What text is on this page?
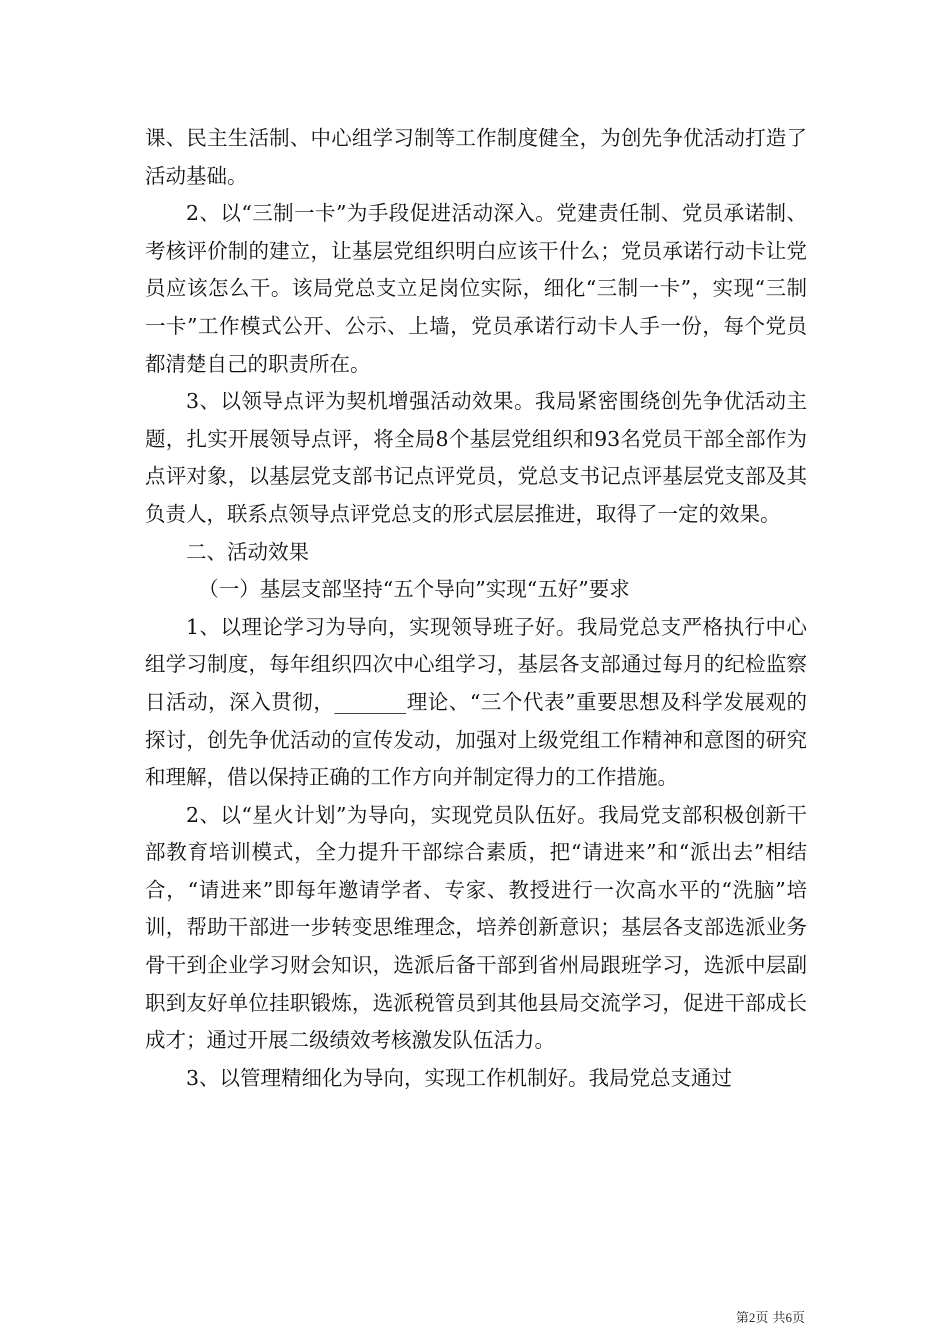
课、民主生活制、中心组学习制等工作制度健全，为创先争优活动打造了活动基础。

2、以“三制一卡”为手段促进活动深入。党建责任制、党员承诺制、考核评价制的建立，让基层党组织明白应该干什么；党员承诺行动卡让党员应该怎么干。该局党总支立足岗位实际，细化“三制一卡”，实现“三制一卡”工作模式公开、公示、上墙，党员承诺行动卡人手一份，每个党员都清楚自己的职责所在。

3、以领导点评为契机增强活动效果。我局紧密围绕创先争优活动主题，扎实开展领导点评，将全局8个基层党组织和93名党员干部全部作为点评对象，以基层党支部书记点评党员，党总支书记点评基层党支部及其负责人，联系点领导点评党总支的形式层层推进，取得了一定的效果。

二、活动效果

（一）基层支部坚持“五个导向”实现“五好”要求

1、以理论学习为导向，实现领导班子好。我局党总支严格执行中心组学习制度，每年组织四次中心组学习，基层各支部通过每月的纪检监察日活动，深入贯彻，_______理论、“三个代表”重要思想及科学发展观的探讨，创先争优活动的宣传发动，加强对上级党组工作精神和意图的研究和理解，借以保持正确的工作方向并制定得力的工作措施。

2、以“星火计划”为导向，实现党员队伍好。我局党支部积极创新干部教育培训模式，全力提升干部综合素质，把“请进来”和“派出去”相结合，“请进来”即每年邀请学者、专家、教授进行一次高水平的“洗脑”培训，帮助干部进一步转变思维理念，培养创新意识；基层各支部选派业务骨干到企业学习财会知识，选派后备干部到省州局跟班学习，选派中层副职到友好单位挂职锻炼，选派税管员到其他县局交流学习，促进干部成长成才；通过开展二级绩效考核激发队伍活力。

3、以管理精细化为导向，实现工作机制好。我局党总支通过

第2页 共6页
